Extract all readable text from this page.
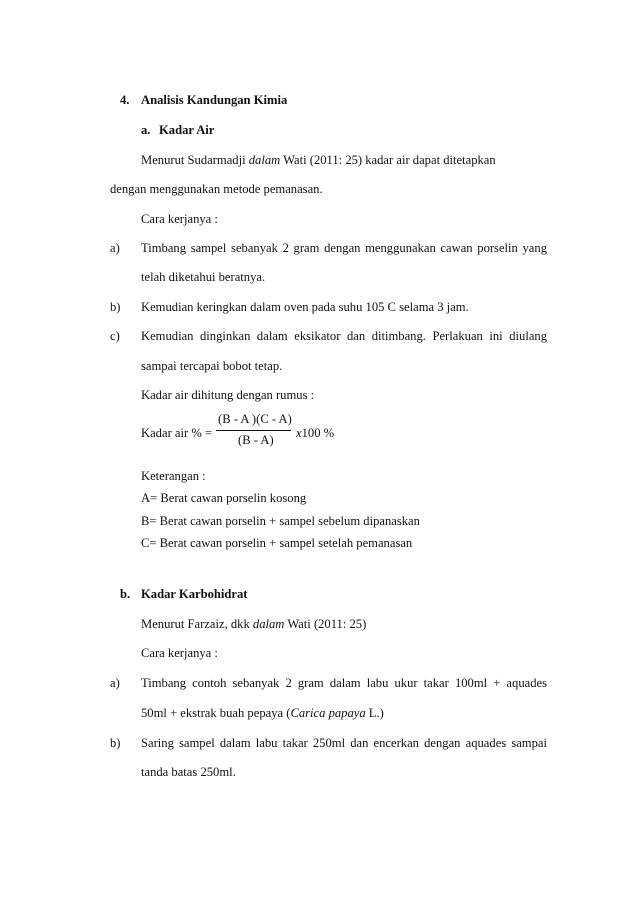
4. Analisis Kandungan Kimia
a. Kadar Air
Menurut Sudarmadji dalam Wati (2011: 25) kadar air dapat ditetapkan
dengan menggunakan metode pemanasan.
Cara kerjanya :
a) Timbang sampel sebanyak 2 gram dengan menggunakan cawan porselin yang
telah diketahui beratnya.
b) Kemudian keringkan dalam oven pada suhu 105 C selama 3 jam.
c) Kemudian dinginkan dalam eksikator dan ditimbang. Perlakuan ini diulang
sampai tercapai bobot tetap.
Kadar air dihitung dengan rumus :
Kadar air % =
(B - A )(C - A)
(B - A) x100 %
Keterangan :
A= Berat cawan porselin kosong
B= Berat cawan porselin + sampel sebelum dipanaskan
C= Berat cawan porselin + sampel setelah pemanasan
b. Kadar Karbohidrat
Menurut Farzaiz, dkk dalam Wati (2011: 25)
Cara kerjanya :
a) Timbang contoh sebanyak 2 gram dalam labu ukur takar 100ml + aquades
50ml + ekstrak buah pepaya (Carica papaya L.)
b) Saring sampel dalam labu takar 250ml dan encerkan dengan aquades sampai
tanda batas 250ml.
